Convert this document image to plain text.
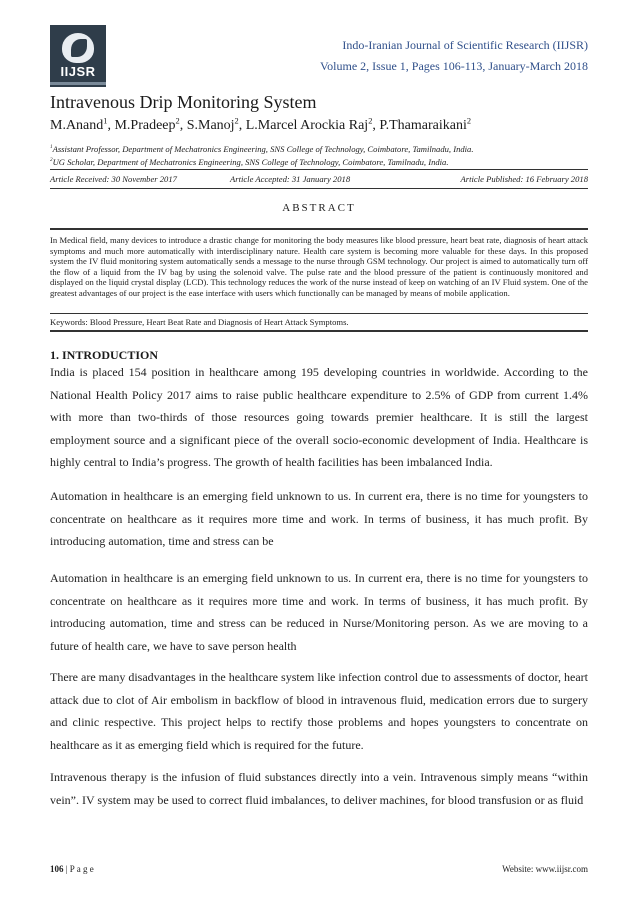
IIJSR
Indo-Iranian Journal of Scientific Research (IIJSR)
Volume 2, Issue 1, Pages 106-113, January-March 2018
Intravenous Drip Monitoring System
M.Anand$^1$, M.Pradeep$^2$, S.Manoj$^2$, L.Marcel Arockia Raj$^2$, P.Thamaraikani$^2$
$^1$Assistant Professor, Department of Mechatronics Engineering, SNS College of Technology, Coimbatore, Tamilnadu, India.
$^2$UG Scholar, Department of Mechatronics Engineering, SNS College of Technology, Coimbatore, Tamilnadu, India.
Article Received: 30 November 2017	Article Accepted: 31 January 2018	Article Published: 16 February 2018
ABSTRACT
In Medical field, many devices to introduce a drastic change for monitoring the body measures like blood pressure, heart beat rate, diagnosis of heart attack symptoms and much more automatically with interdisciplinary nature. Health care system is becoming more valuable for these days. In this proposed system the IV fluid monitoring system automatically sends a message to the nurse through GSM technology. Our project is aimed to automatically turn off the flow of a liquid from the IV bag by using the solenoid valve. The pulse rate and the blood pressure of the patient is continuously monitored and displayed on the liquid crystal display (LCD). This technology reduces the work of the nurse instead of keep on watching of an IV Fluid system. One of the greatest advantages of our project is the ease interface with users which functionally can be managed by means of mobile application.
Keywords: Blood Pressure, Heart Beat Rate and Diagnosis of Heart Attack Symptoms.
1. INTRODUCTION
India is placed 154 position in healthcare among 195 developing countries in worldwide. According to the National Health Policy 2017 aims to raise public healthcare expenditure to 2.5% of GDP from current 1.4% with more than two-thirds of those resources going towards premier healthcare. It is still the largest employment source and a significant piece of the overall socio-economic development of India. Healthcare is highly central to India’s progress. The growth of health facilities has been imbalanced India.
Automation in healthcare is an emerging field unknown to us. In current era, there is no time for youngsters to concentrate on healthcare as it requires more time and work. In terms of business, it has much profit. By introducing automation, time and stress can be
Automation in healthcare is an emerging field unknown to us. In current era, there is no time for youngsters to concentrate on healthcare as it requires more time and work. In terms of business, it has much profit. By introducing automation, time and stress can be reduced in Nurse/Monitoring person. As we are moving to a future of health care, we have to save person health
There are many disadvantages in the healthcare system like infection control due to assessments of doctor, heart attack due to clot of Air embolism in backflow of blood in intravenous fluid, medication errors due to surgery and clinic respective. This project helps to rectify those problems and hopes youngsters to concentrate on healthcare as it as emerging field which is required for the future.
Intravenous therapy is the infusion of fluid substances directly into a vein. Intravenous simply means “within vein”. IV system may be used to correct fluid imbalances, to deliver machines, for blood transfusion or as fluid
106 | P a g e	Website: www.iijsr.com
